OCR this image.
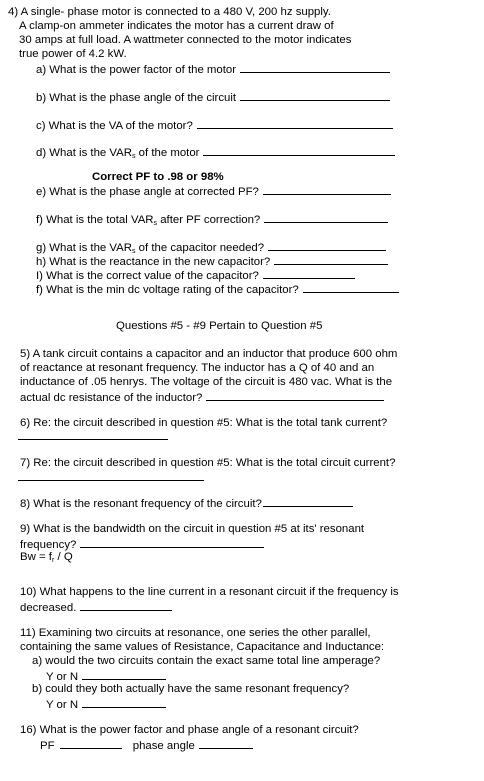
4) A single- phase motor is connected to a 480 V, 200 hz supply.
A clamp-on ammeter indicates the motor has a current draw of
30 amps at full load. A wattmeter connected to the motor indicates
true power of 4.2 kW.
a) What is the power factor of the motor
b) What is the phase angle of the circuit
c) What is the VA of the motor?
d) What is the $VAR_s$ of the motor
Correct PF to .98 or 98%
e) What is the phase angle at corrected PF?
f) What is the total $VAR_s$ after PF correction?
g) What is the $VAR_s$ of the capacitor needed?
h) What is the reactance in the new capacitor?
I) What is the correct value of the capacitor?
f) What is the min dc voltage rating of the capacitor?
Questions #5 - #9 Pertain to Question #5
5) A tank circuit contains a capacitor and an inductor that produce 600 ohm
of reactance at resonant frequency. The inductor has a Q of 40 and an
inductance of .05 henrys. The voltage of the circuit is 480 vac. What is the
actual dc resistance of the inductor?
6) Re: the circuit described in question #5: What is the total tank current?
7) Re: the circuit described in question #5: What is the total circuit current?
8) What is the resonant frequency of the circuit?
9) What is the bandwidth on the circuit in question #5 at its' resonant
frequency?
$Bw = f_r / Q$
10) What happens to the line current in a resonant circuit if the frequency is
decreased.
11) Examining two circuits at resonance, one series the other parallel,
containing the same values of Resistance, Capacitance and Inductance:
a) would the two circuits contain the exact same total line amperage?
Y or N
b) could they both actually have the same resonant frequency?
Y or N
16) What is the power factor and phase angle of a resonant circuit?
PF	phase angle
